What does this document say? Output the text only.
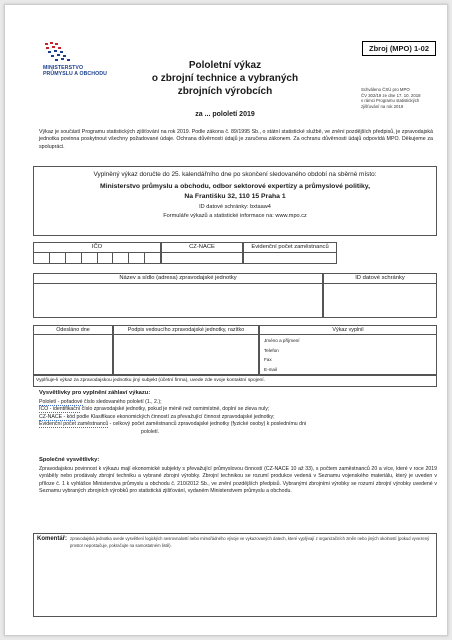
MINISTERSTVO
PRŮMYSLU A OBCHODU
Pololetní výkaz
o zbrojní technice a vybraných
zbrojních výrobcích
za ... pololetí 2019
Zbroj (MPO) 1-02
Schváleno ČSÚ pro MPO
ČV 302/19 ze dne 17. 10. 2018
v rámci Programu statistických
zjišťování na rok 2019
Výkaz je součástí Programu statistických zjišťování na rok 2019. Podle zákona č. 89/1995 Sb., o státní statistické službě, ve znění pozdějších předpisů, je zpravodajská jednotka povinna poskytnout všechny požadované údaje. Ochrana důvěrnosti údajů je zaručena zákonem. Za ochranu důvěrnosti údajů odpovídá MPO. Děkujeme za spolupráci.
Vyplněný výkaz doručte do 25. kalendářního dne po skončení sledovaného období na sběrné místo:
Ministerstvo průmyslu a obchodu, odbor sektorové expertízy a průmyslové politiky,
Na Františku 32, 110 15 Praha 1
ID datové schránky: bxtaaw4
Formuláře výkazů a statistické informace na: www.mpo.cz
IČO	CZ-NACE	Evidenční počet zaměstnanců
Název a sídlo (adresa) zpravodajské jednotky	ID datové schránky
Odesláno dne	Podpis vedoucího zpravodajské jednotky, razítko	Výkaz vyplnil
Jméno a příjmení
Telefon
Fax
E-mail
Vyplňuje-li výkaz za zpravodajskou jednotku jiný subjekt (účetní firma), uvede zde svoje kontaktní spojení.
Vysvětlivky pro vyplnění záhlaví výkazu:
Pololetí - pořadové číslo sledovaného pololetí (1., 2.);
IČO - identifikační číslo zpravodajské jednotky, pokud je méně než osmimístné, doplní se zleva nuly;
CZ-NACE - kód podle Klasifikace ekonomických činností za převažující činnost zpravodajské jednotky;
Evidenční počet zaměstnanců - celkový počet zaměstnanců zpravodajské jednotky (fyzické osoby) k poslednímu dni
pololetí.
Společné vysvětlivky:
Zpravodajskou povinnost k výkazu mají ekonomické subjekty s převažující průmyslovou činností (CZ-NACE 10 až 33), s počtem zaměstnanců 20 a více, které v roce 2019 vyráběly nebo prodávaly zbrojní techniku a vybrané zbrojní výrobky. Zbrojní technikou se rozumí produkce vedená v Seznamu vojenského materiálu, který je uveden v příloze č. 1 k vyhlášce Ministerstva průmyslu a obchodu č. 210/2012 Sb., ve znění pozdějších předpisů. Vybranými zbrojními výrobky se rozumí zbrojní výrobky uvedené v Seznamu vybraných zbrojních výrobků pro statistická zjišťování, vydaném Ministerstvem průmyslu a obchodu.
Komentář: zpravodajská jednotka uvede vysvětlení logických nesrovnalostí nebo mimořádného vývoje ve vykazovaných datech, které vyplývají z organizačních změn nebo jiných okolností (pokud vyvezený prostor nepostačuje, pokračujte na samostatném listě).
